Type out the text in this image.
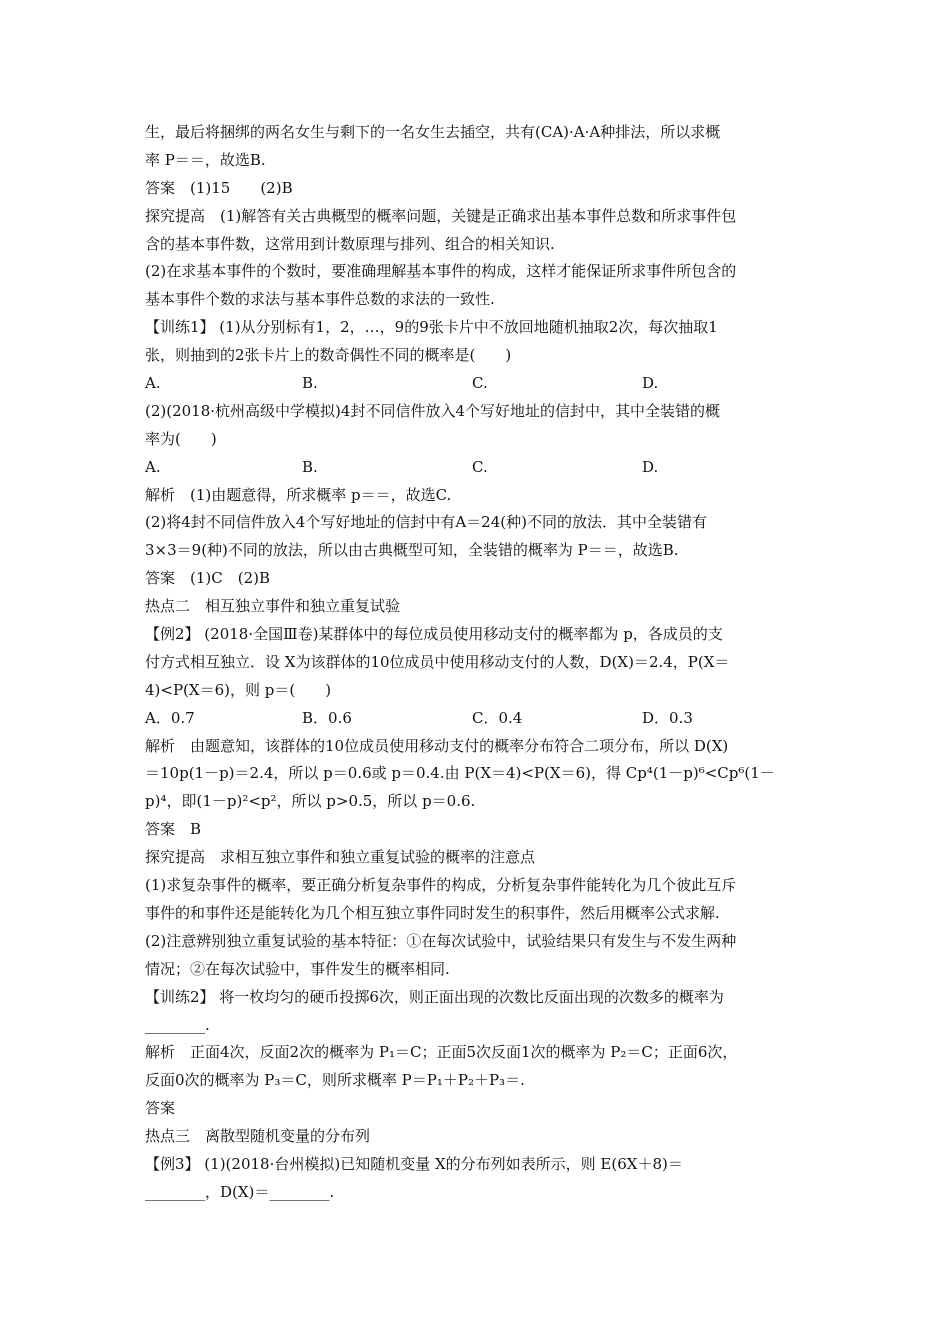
生，最后将捆绑的两名女生与剩下的一名女生去插空，共有(CA)·A·A种排法，所以求概
率 P＝＝，故选B.
答案　(1)15　　(2)B
探究提高　(1)解答有关古典概型的概率问题，关键是正确求出基本事件总数和所求事件包
含的基本事件数，这常用到计数原理与排列、组合的相关知识.
(2)在求基本事件的个数时，要准确理解基本事件的构成，这样才能保证所求事件所包含的
基本事件个数的求法与基本事件总数的求法的一致性.
【训练1】 (1)从分别标有1，2，…，9的9张卡片中不放回地随机抽取2次，每次抽取1
张，则抽到的2张卡片上的数奇偶性不同的概率是(　　)

A.

	B.

	C.

	D.

(2)(2018·杭州高级中学模拟)4封不同信件放入4个写好地址的信封中，其中全装错的概
率为(　　)

A.

	B.

	C.

	D.

解析　(1)由题意得，所求概率 p＝＝，故选C.
(2)将4封不同信件放入4个写好地址的信封中有A＝24(种)不同的放法．其中全装错有
3×3＝9(种)不同的放法，所以由古典概型可知，全装错的概率为 P＝＝，故选B.
答案　(1)C　(2)B
热点二　相互独立事件和独立重复试验
【例2】 (2018·全国Ⅲ卷)某群体中的每位成员使用移动支付的概率都为 p，各成员的支
付方式相互独立．设 X为该群体的10位成员中使用移动支付的人数，D(X)＝2.4，P(X＝
4)<P(X＝6)，则 p＝(　　)

A．0.7

	B．0.6

	C．0.4

	D．0.3

解析　由题意知，该群体的10位成员使用移动支付的概率分布符合二项分布，所以 D(X)
＝10p(1－p)＝2.4，所以 p＝0.6或 p＝0.4.由 P(X＝4)<P(X＝6)，得 Cp⁴(1－p)⁶<Cp⁶(1－
p)⁴，即(1－p)²<p²，所以 p>0.5，所以 p＝0.6.
答案　B
探究提高　求相互独立事件和独立重复试验的概率的注意点
(1)求复杂事件的概率，要正确分析复杂事件的构成，分析复杂事件能转化为几个彼此互斥
事件的和事件还是能转化为几个相互独立事件同时发生的积事件，然后用概率公式求解.
(2)注意辨别独立重复试验的基本特征：①在每次试验中，试验结果只有发生与不发生两种
情况；②在每次试验中，事件发生的概率相同.
【训练2】 将一枚均匀的硬币投掷6次，则正面出现的次数比反面出现的次数多的概率为
________.
解析　正面4次，反面2次的概率为 P₁＝C；正面5次反面1次的概率为 P₂＝C；正面6次，
反面0次的概率为 P₃＝C，则所求概率 P＝P₁＋P₂＋P₃＝.
答案
热点三　离散型随机变量的分布列
【例3】 (1)(2018·台州模拟)已知随机变量 X的分布列如表所示，则 E(6X＋8)＝
________，D(X)＝________.
